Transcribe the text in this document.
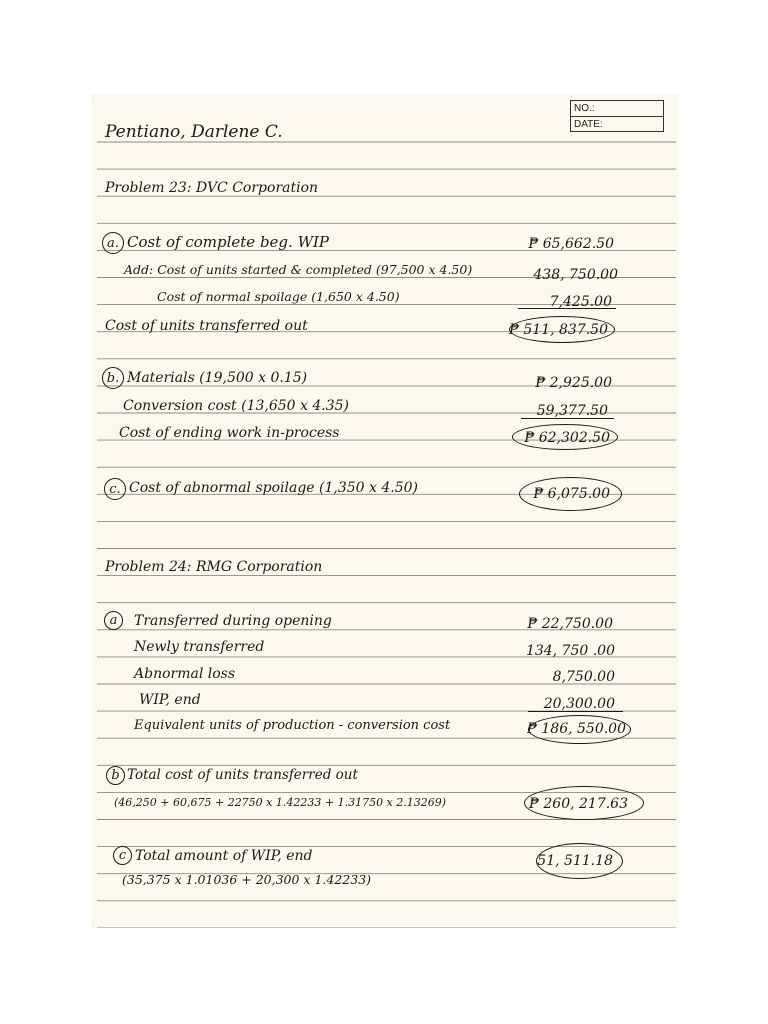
NO.:
DATE:
Pentiano, Darlene C.
Problem 23: DVC Corporation
a. Cost of complete beg. WIP	₱ 65,662.50
Add: Cost of units started & completed (97,500 x 4.50)	438, 750.00
Cost of normal spoilage (1,650 x 4.50)	7,425.00
Cost of units transferred out	₱ 511, 837.50
b. Materials (19,500 x 0.15)	₱ 2,925.00
Conversion cost (13,650 x 4.35)	59,377.50
Cost of ending work in-process	₱ 62,302.50
c. Cost of abnormal spoilage (1,350 x 4.50)	₱ 6,075.00
Problem 24: RMG Corporation
a	Transferred during opening	₱ 22,750.00
Newly transferred	134, 750 .00
Abnormal loss	8,750.00
WIP, end	20,300.00
Equivalent units of production - conversion cost	₱ 186, 550.00
b Total cost of units transferred out
(46,250 + 60,675 + 22750 x 1.42233 + 1.31750 x 2.13269)	₱ 260, 217.63
c Total amount of WIP, end	51, 511.18
(35,375 x 1.01036 + 20,300 x 1.42233)
